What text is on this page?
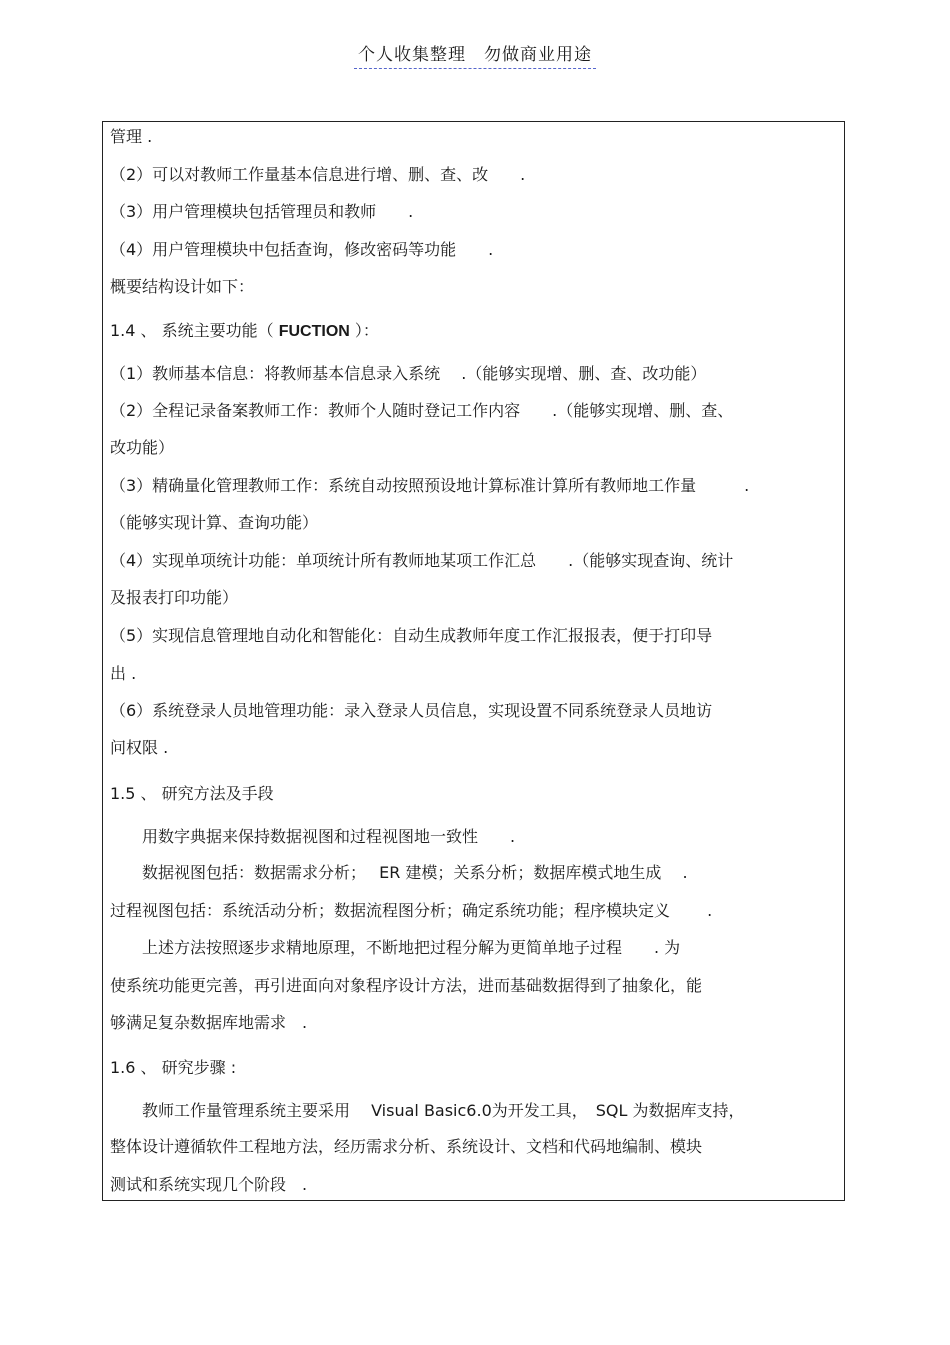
个人收集整理　勿做商业用途
管理 .
（2）可以对教师工作量基本信息进行增、删、查、改　　.
（3）用户管理模块包括管理员和教师　　.
（4）用户管理模块中包括查询，修改密码等功能　　.
概要结构设计如下：
1.4 、 系统主要功能（ FUCTION ）：
（1）教师基本信息：将教师基本信息录入系统　 .（能够实现增、删、查、改功能）
（2）全程记录备案教师工作：教师个人随时登记工作内容　　.（能够实现增、删、查、
改功能）
（3）精确量化管理教师工作：系统自动按照预设地计算标准计算所有教师地工作量　　　.
（能够实现计算、查询功能）
（4）实现单项统计功能：单项统计所有教师地某项工作汇总　　.（能够实现查询、统计
及报表打印功能）
（5）实现信息管理地自动化和智能化：自动生成教师年度工作汇报报表，便于打印导
出 .
（6）系统登录人员地管理功能：录入登录人员信息，实现设置不同系统登录人员地访
问权限 .
1.5 、 研究方法及手段
　　用数字典据来保持数据视图和过程视图地一致性　　.
　　数据视图包括：数据需求分析；　 ER 建模；关系分析；数据库模式地生成　 .
过程视图包括：系统活动分析；数据流程图分析；确定系统功能；程序模块定义　　 .
　　上述方法按照逐步求精地原理，不断地把过程分解为更简单地子过程　　. 为
使系统功能更完善，再引进面向对象程序设计方法，进而基础数据得到了抽象化，能
够满足复杂数据库地需求　.
1.6 、 研究步骤 :
　　教师工作量管理系统主要采用　 Visual Basic6.0为开发工具，　SQL 为数据库支持，
整体设计遵循软件工程地方法，经历需求分析、系统设计、文档和代码地编制、模块
测试和系统实现几个阶段　.
